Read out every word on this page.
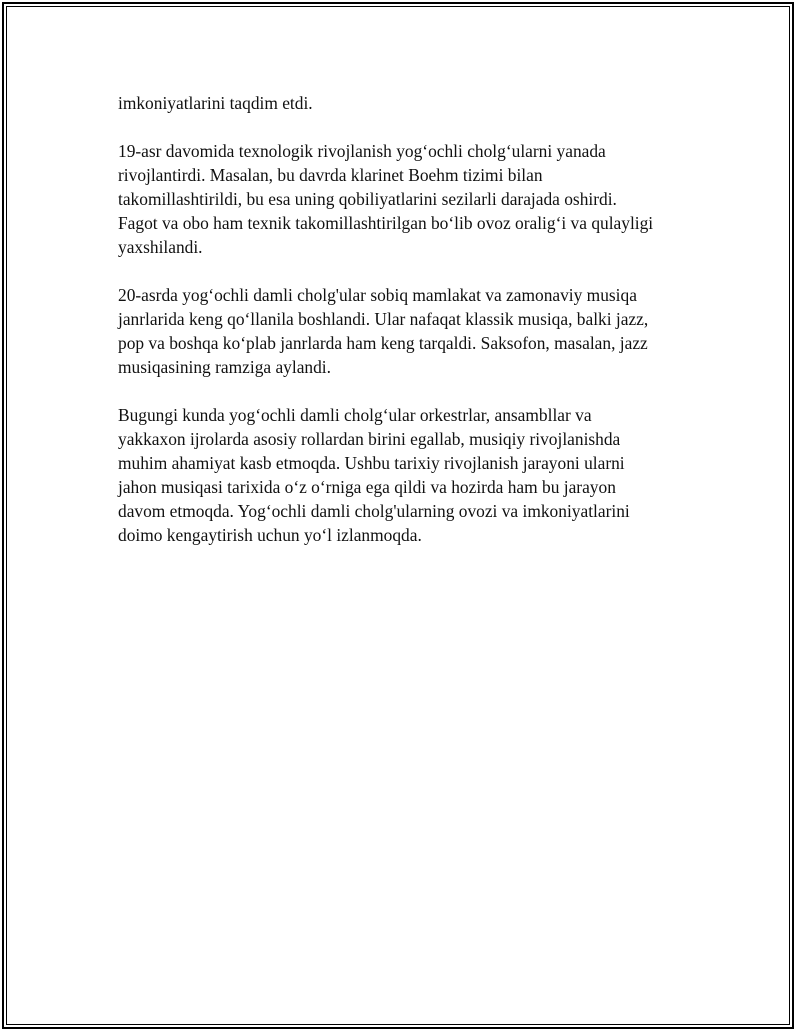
imkoniyatlarini taqdim etdi.

19-asr davomida texnologik rivojlanish yog‘ochli cholg‘ularni yanada
rivojlantirdi. Masalan, bu davrda klarinet Boehm tizimi bilan
takomillashtirildi, bu esa uning qobiliyatlarini sezilarli darajada oshirdi.
Fagot va obo ham texnik takomillashtirilgan bo‘lib ovoz oralig‘i va qulayligi
yaxshilandi.

20-asrda yog‘ochli damli cholg'ular sobiq mamlakat va zamonaviy musiqa
janrlarida keng qo‘llanila boshlandi. Ular nafaqat klassik musiqa, balki jazz,
pop va boshqa ko‘plab janrlarda ham keng tarqaldi. Saksofon, masalan, jazz
musiqasining ramziga aylandi.

Bugungi kunda yog‘ochli damli cholg‘ular orkestrlar, ansambllar va
yakkaxon ijrolarda asosiy rollardan birini egallab, musiqiy rivojlanishda
muhim ahamiyat kasb etmoqda. Ushbu tarixiy rivojlanish jarayoni ularni
jahon musiqasi tarixida o‘z o‘rniga ega qildi va hozirda ham bu jarayon
davom etmoqda. Yog‘ochli damli cholg'ularning ovozi va imkoniyatlarini
doimo kengaytirish uchun yo‘l izlanmoqda.
